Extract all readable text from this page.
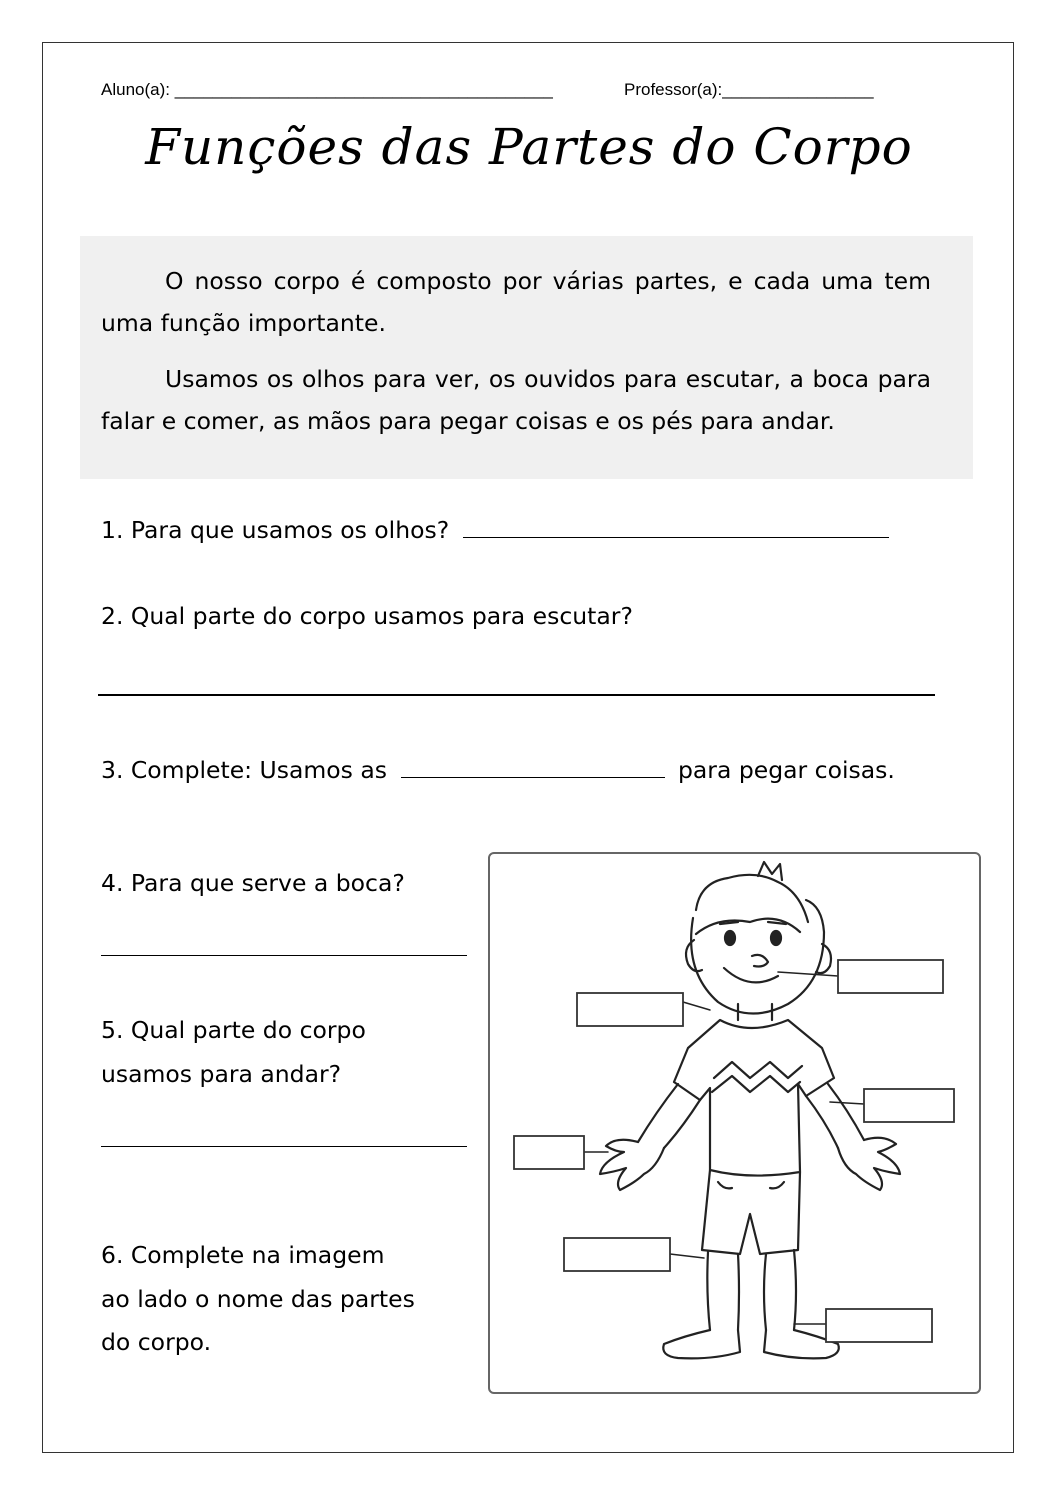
Aluno(a): ________________________________________	Professor(a):________________
Funções das Partes do Corpo

O nosso corpo é composto por várias partes, e cada uma tem uma função importante.

Usamos os olhos para ver, os ouvidos para escutar, a boca para falar e comer, as mãos para pegar coisas e os pés para andar.

1. Para que usamos os olhos?
2. Qual parte do corpo usamos para escutar?
3. Complete: Usamos as	para pegar coisas.
4. Para que serve a boca?
5. Qual parte do corpo
usamos para andar?
6. Complete na imagem
ao lado o nome das partes
do corpo.
